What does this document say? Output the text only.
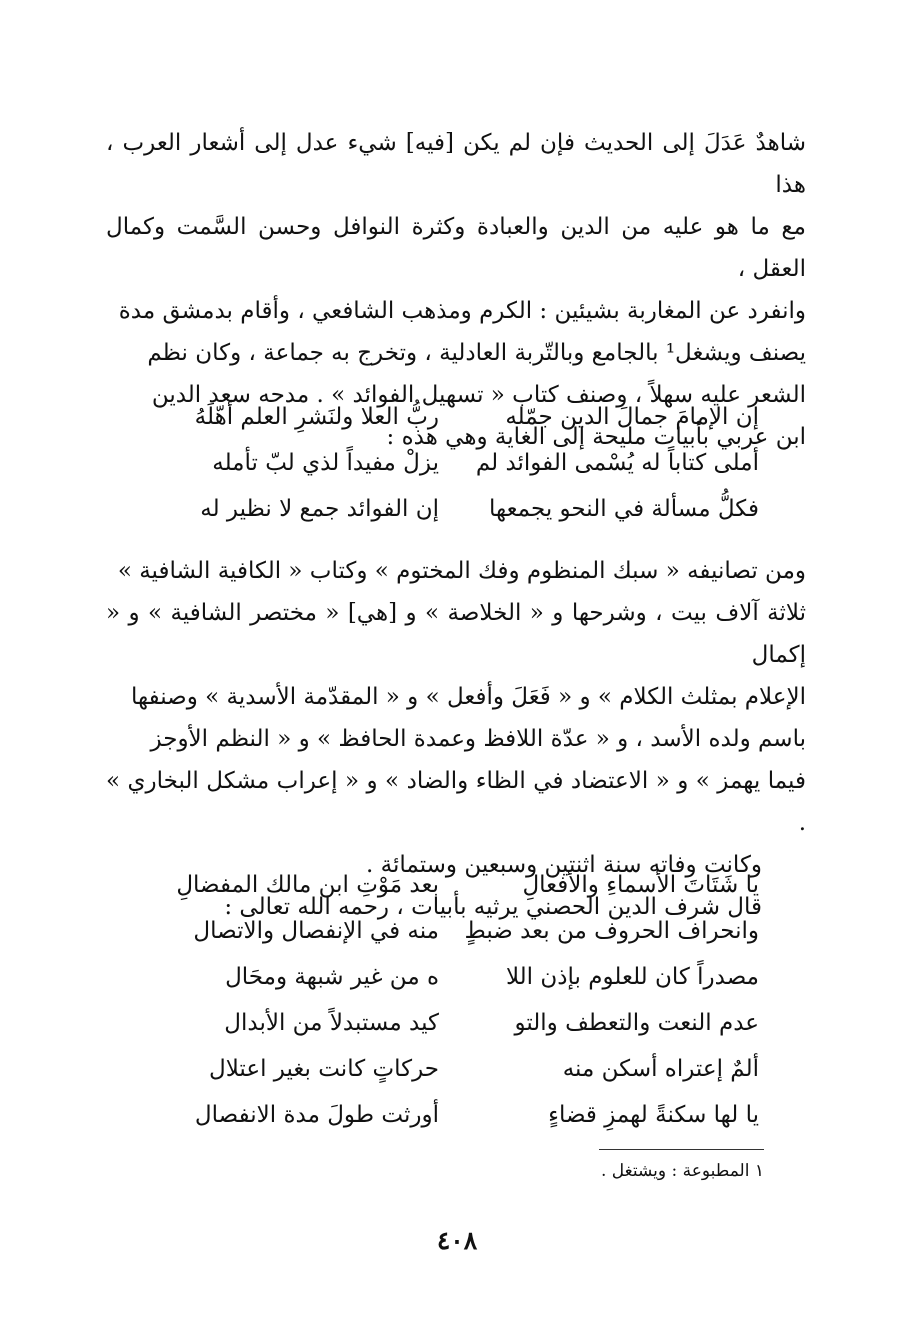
شاهدٌ عَدَلَ إلى الحديث فإن لم يكن [فيه] شيء عدل إلى أشعار العرب ، هذا

مع ما هو عليه من الدين والعبادة وكثرة النوافل وحسن السَّمت وكمال العقل ،

وانفرد عن المغاربة بشيئين : الكرم ومذهب الشافعي ، وأقام بدمشق مدة

يصنف ويشغل¹ بالجامع وبالتّربة العادلية ، وتخرج به جماعة ، وكان نظم

الشعر عليه سهلاً ، وصنف كتاب « تسهيل الفوائد » . مدحه سعد الدين

ابن عربي بأبيات مليحة إلى الغاية وهي هذه :

إن الإمامَ جمالَ الدين جمّله
ربُّ العلا ولنَشرِ العلم أهّلَهُ
أملى كتاباً له يُسْمى الفوائد لم
يزلْ مفيداً لذي لبّ تأمله
فكلُّ مسألة في النحو يجمعها
إن الفوائد جمع لا نظير له

ومن تصانيفه « سبك المنظوم وفك المختوم » وكتاب « الكافية الشافية »

ثلاثة آلاف بيت ، وشرحها و « الخلاصة » و [هي] « مختصر الشافية » و « إكمال

الإعلام بمثلث الكلام » و « فَعَلَ وأفعل » و « المقدّمة الأسدية » وصنفها

باسم ولده الأسد ، و « عدّة اللافظ وعمدة الحافظ » و « النظم الأوجز

فيما يهمز » و « الاعتضاد في الظاء والضاد » و « إعراب مشكل البخاري » .

وكانت وفاته سنة اثنتين وسبعين وستمائة .

قال شرف الدين الحصني يرثيه بأبيات ، رحمه الله تعالى :

يا شَتَاتَ الأسماءِ والأفعالِ
بعد مَوْتِ ابن مالك المفضالِ
وانحراف الحروف من بعد ضبطٍ
منه في الإنفصال والاتصال
مصدراً كان للعلوم بإذن اللا
ه من غير شبهة ومحَال
عدم النعت والتعطف والتو
كيد مستبدلاً من الأبدال
ألمٌ إعتراه أسكن منه
حركاتٍ كانت بغير اعتلال
يا لها سكنةً لهمزِ قضاءٍ
أورثت طولَ مدة الانفصال
١ المطبوعة : ويشتغل .
٤٠٨
